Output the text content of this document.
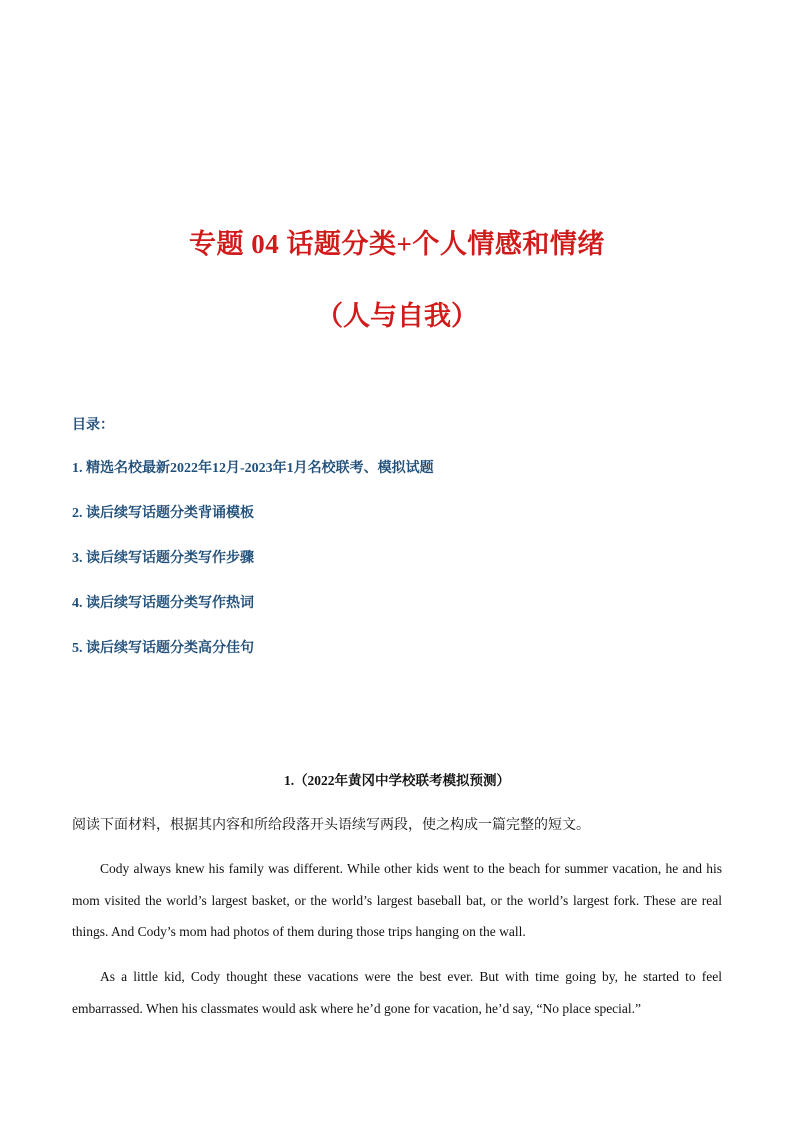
专题 04 话题分类+个人情感和情绪
（人与自我）
目录：
1. 精选名校最新2022年12月-2023年1月名校联考、模拟试题
2. 读后续写话题分类背诵模板
3. 读后续写话题分类写作步骤
4. 读后续写话题分类写作热词
5. 读后续写话题分类高分佳句
1.（2022年黄冈中学校联考模拟预测）
阅读下面材料，根据其内容和所给段落开头语续写两段，使之构成一篇完整的短文。

Cody always knew his family was different. While other kids went to the beach for summer vacation, he and his mom visited the world’s largest basket, or the world’s largest baseball bat, or the world’s largest fork. These are real things. And Cody’s mom had photos of them during those trips hanging on the wall.

As a little kid, Cody thought these vacations were the best ever. But with time going by, he started to feel embarrassed. When his classmates would ask where he’d gone for vacation, he’d say, “No place special.”
